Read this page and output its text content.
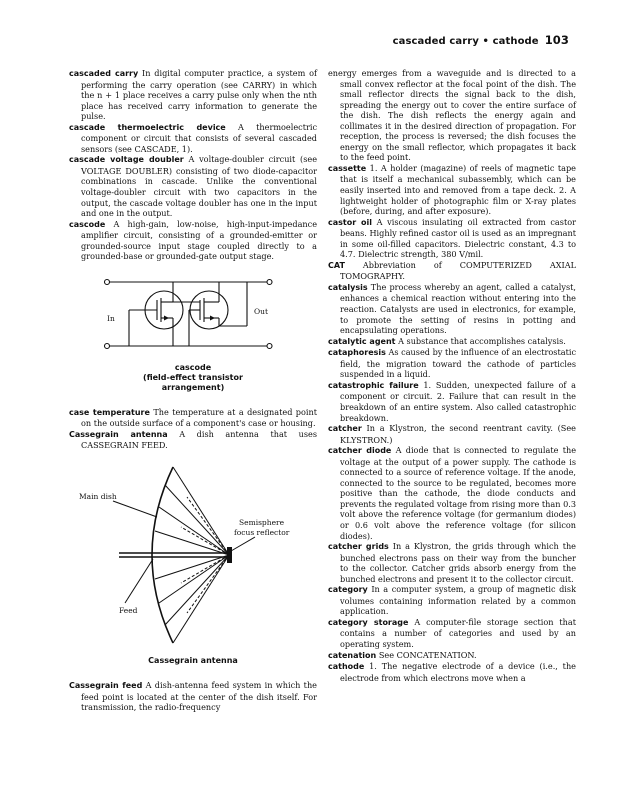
cascaded carry • cathode 103

cascaded carry In digital computer practice, a system of performing the carry operation (see CARRY) in which the n + 1 place receives a carry pulse only when the nth place has received carry information to generate the pulse.

cascade thermoelectric device A thermoelectric component or circuit that consists of several cascaded sensors (see CASCADE, 1).

cascade voltage doubler A voltage-doubler circuit (see VOLTAGE DOUBLER) consisting of two diode-capacitor combinations in cascade. Unlike the conventional voltage-doubler circuit with two capacitors in the output, the cascade voltage doubler has one in the input and one in the output.

cascode A high-gain, low-noise, high-input-impedance amplifier circuit, consisting of a grounded-emitter or grounded-source input stage coupled directly to a grounded-base or grounded-gate output stage.

In
Out
cascode
(field-effect transistor
arrangement)

case temperature The temperature at a designated point on the outside surface of a component's case or housing.

Cassegrain antenna A dish antenna that uses CASSEGRAIN FEED.

Main dish
Semisphere
focus reflector
Feed
Cassegrain antenna

Cassegrain feed A dish-antenna feed system in which the feed point is located at the center of the dish itself. For transmission, the radio-frequency

energy emerges from a waveguide and is directed to a small convex reflector at the focal point of the dish. The small reflector directs the signal back to the dish, spreading the energy out to cover the entire surface of the dish. The dish reflects the energy again and collimates it in the desired direction of propagation. For reception, the process is reversed; the dish focuses the energy on the small reflector, which propagates it back to the feed point.

cassette 1. A holder (magazine) of reels of magnetic tape that is itself a mechanical subassembly, which can be easily inserted into and removed from a tape deck. 2. A lightweight holder of photographic film or X-ray plates (before, during, and after exposure).

castor oil A viscous insulating oil extracted from castor beans. Highly refined castor oil is used as an impregnant in some oil-filled capacitors. Dielectric constant, 4.3 to 4.7. Dielectric strength, 380 V/mil.

CAT Abbreviation of COMPUTERIZED AXIAL TOMOGRAPHY.

catalysis The process whereby an agent, called a catalyst, enhances a chemical reaction without entering into the reaction. Catalysts are used in electronics, for example, to promote the setting of resins in potting and encapsulating operations.

catalytic agent A substance that accomplishes catalysis.

cataphoresis As caused by the influence of an electrostatic field, the migration toward the cathode of particles suspended in a liquid.

catastrophic failure 1. Sudden, unexpected failure of a component or circuit. 2. Failure that can result in the breakdown of an entire system. Also called catastrophic breakdown.

catcher In a Klystron, the second reentrant cavity. (See KLYSTRON.)

catcher diode A diode that is connected to regulate the voltage at the output of a power supply. The cathode is connected to a source of reference voltage. If the anode, connected to the source to be regulated, becomes more positive than the cathode, the diode conducts and prevents the regulated voltage from rising more than 0.3 volt above the reference voltage (for germanium diodes) or 0.6 volt above the reference voltage (for silicon diodes).

catcher grids In a Klystron, the grids through which the bunched electrons pass on their way from the buncher to the collector. Catcher grids absorb energy from the bunched electrons and present it to the collector circuit.

category In a computer system, a group of magnetic disk volumes containing information related by a common application.

category storage A computer-file storage section that contains a number of categories and used by an operating system.

catenation See CONCATENATION.

cathode 1. The negative electrode of a device (i.e., the electrode from which electrons move when a
